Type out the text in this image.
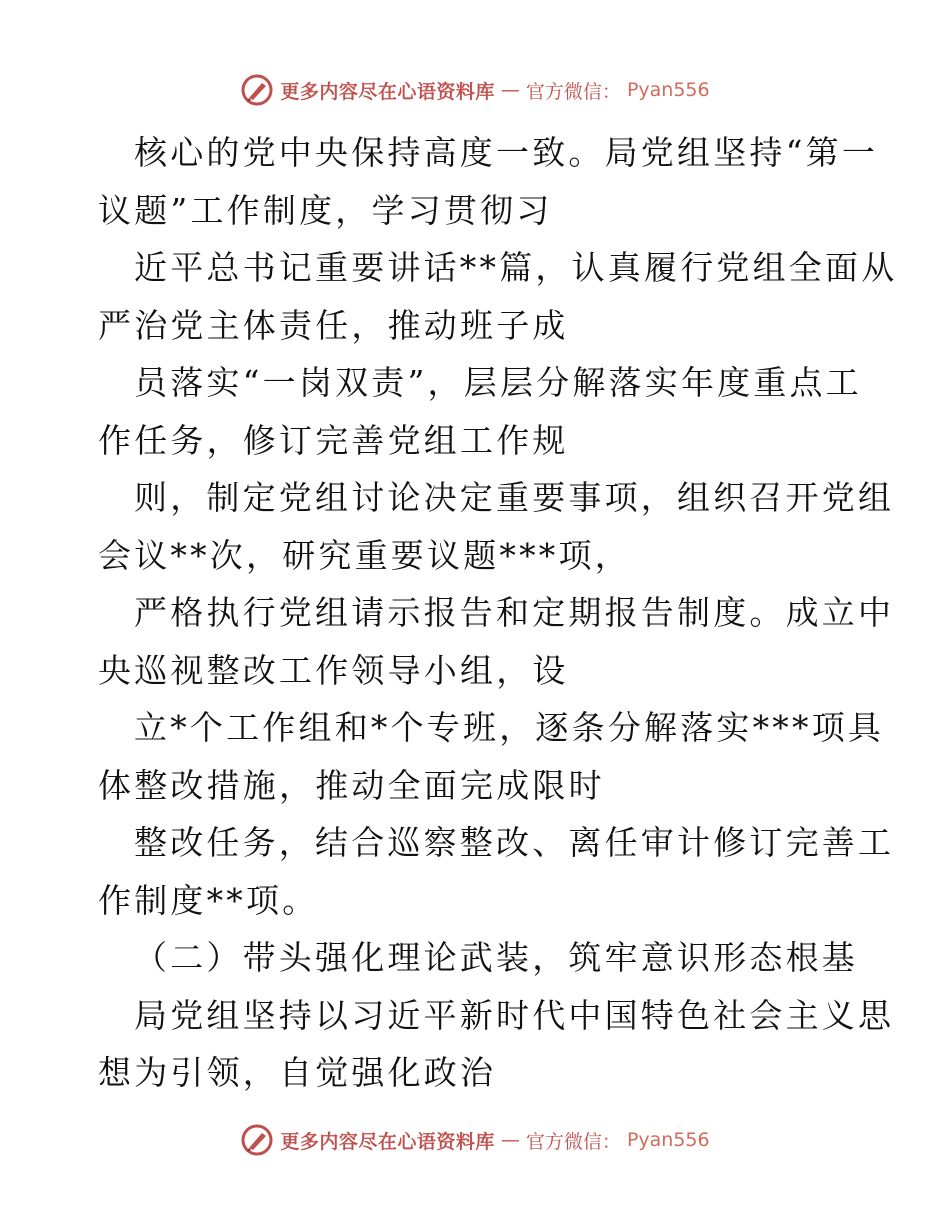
更多内容尽在心语资料库 — 官方微信： Pyan556
核心的党中央保持高度一致。局党组坚持“第一
议题”工作制度，学习贯彻习
近平总书记重要讲话**篇，认真履行党组全面从
严治党主体责任，推动班子成
员落实“一岗双责”，层层分解落实年度重点工
作任务，修订完善党组工作规
则，制定党组讨论决定重要事项，组织召开党组
会议**次，研究重要议题***项，
严格执行党组请示报告和定期报告制度。成立中
央巡视整改工作领导小组，设
立*个工作组和*个专班，逐条分解落实***项具
体整改措施，推动全面完成限时
整改任务，结合巡察整改、离任审计修订完善工
作制度**项。
（二）带头强化理论武装，筑牢意识形态根基
局党组坚持以习近平新时代中国特色社会主义思
想为引领，自觉强化政治
更多内容尽在心语资料库 — 官方微信： Pyan556
